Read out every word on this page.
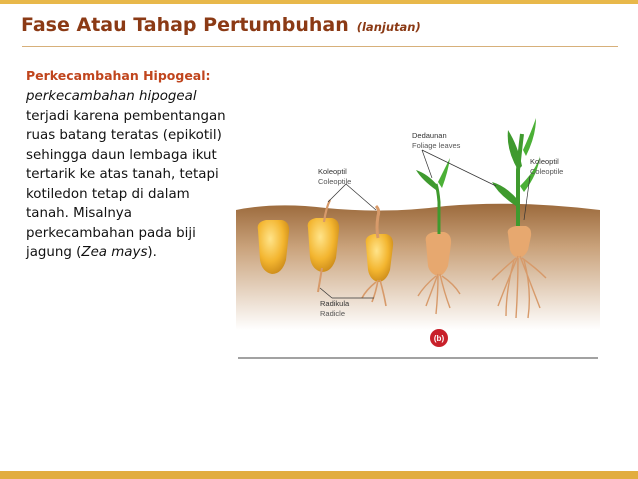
Fase Atau Tahap Pertumbuhan (lanjutan)
Perkecambahan Hipogeal:
perkecambahan hipogeal terjadi karena pembentangan ruas batang teratas (epikotil) sehingga daun lembaga ikut tertarik ke atas tanah, tetapi kotiledon tetap di dalam tanah. Misalnya perkecambahan pada biji jagung (Zea mays).
Koleoptil
Coleoptile
Dedaunan
Foliage leaves
Koleoptil
Coleoptile
Radikula
Radicle
(b)
